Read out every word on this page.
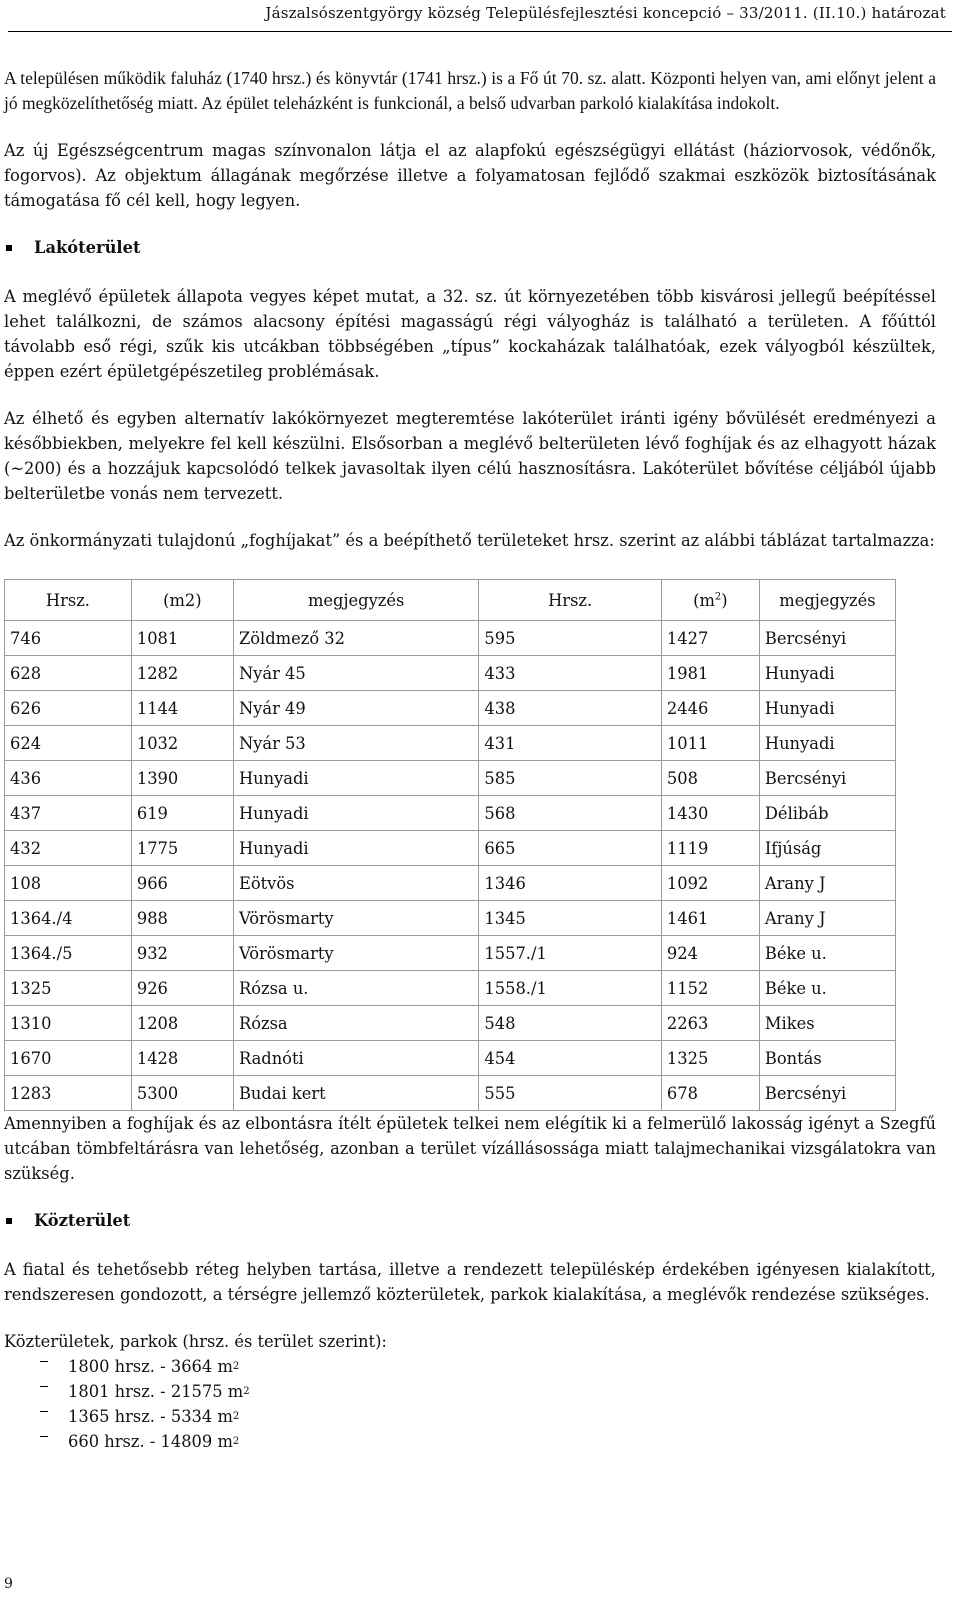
Jászalsószentgyörgy község Településfejlesztési koncepció – 33/2011. (II.10.) határozat

A településen működik faluház (1740 hrsz.) és könyvtár (1741 hrsz.) is a Fő út 70. sz. alatt. Központi helyen van, ami előnyt jelent a jó megközelíthetőség miatt. Az épület teleházként is funkcionál, a belső udvarban parkoló kialakítása indokolt.

Az új Egészségcentrum magas színvonalon látja el az alapfokú egészségügyi ellátást (háziorvosok, védőnők, fogorvos). Az objektum állagának megőrzése illetve a folyamatosan fejlődő szakmai eszközök biztosításának támogatása fő cél kell, hogy legyen.

Lakóterület

A meglévő épületek állapota vegyes képet mutat, a 32. sz. út környezetében több kisvárosi jellegű beépítéssel lehet találkozni, de számos alacsony építési magasságú régi vályogház is található a területen. A főúttól távolabb eső régi, szűk kis utcákban többségében „típus” kockaházak találhatóak, ezek vályogból készültek, éppen ezért épületgépészetileg problémásak.

Az élhető és egyben alternatív lakókörnyezet megteremtése lakóterület iránti igény bővülését eredményezi a későbbiekben, melyekre fel kell készülni. Elsősorban a meglévő belterületen lévő foghíjak és az elhagyott házak (~200) és a hozzájuk kapcsolódó telkek javasoltak ilyen célú hasznosításra. Lakóterület bővítése céljából újabb belterületbe vonás nem tervezett.

Az önkormányzati tulajdonú „foghíjakat” és a beépíthető területeket hrsz. szerint az alábbi táblázat tartalmazza:

Hrsz.	(m2)	megjegyzés	Hrsz.	$(m^2)$	megjegyzés
746	1081	Zöldmező 32	595	1427	Bercsényi
628	1282	Nyár 45	433	1981	Hunyadi
626	1144	Nyár 49	438	2446	Hunyadi
624	1032	Nyár 53	431	1011	Hunyadi
436	1390	Hunyadi	585	508	Bercsényi
437	619	Hunyadi	568	1430	Délibáb
432	1775	Hunyadi	665	1119	Ifjúság
108	966	Eötvös	1346	1092	Arany J
1364./4	988	Vörösmarty	1345	1461	Arany J
1364./5	932	Vörösmarty	1557./1	924	Béke u.
1325	926	Rózsa u.	1558./1	1152	Béke u.
1310	1208	Rózsa	548	2263	Mikes
1670	1428	Radnóti	454	1325	Bontás
1283	5300	Budai kert	555	678	Bercsényi

Amennyiben a foghíjak és az elbontásra ítélt épületek telkei nem elégítik ki a felmerülő lakosság igényt a Szegfű utcában tömbfeltárásra van lehetőség, azonban a terület vízállásossága miatt talajmechanikai vizsgálatokra van szükség.

Közterület

A fiatal és tehetősebb réteg helyben tartása, illetve a rendezett településkép érdekében igényesen kialakított, rendszeresen gondozott, a térségre jellemző közterületek, parkok kialakítása, a meglévők rendezése szükséges.

Közterületek, parkok (hrsz. és terület szerint):

1800 hrsz. - 3664 m 2
1801 hrsz. - 21575 m 2
1365 hrsz. - 5334 m 2
660 hrsz. - 14809 m 2
9
